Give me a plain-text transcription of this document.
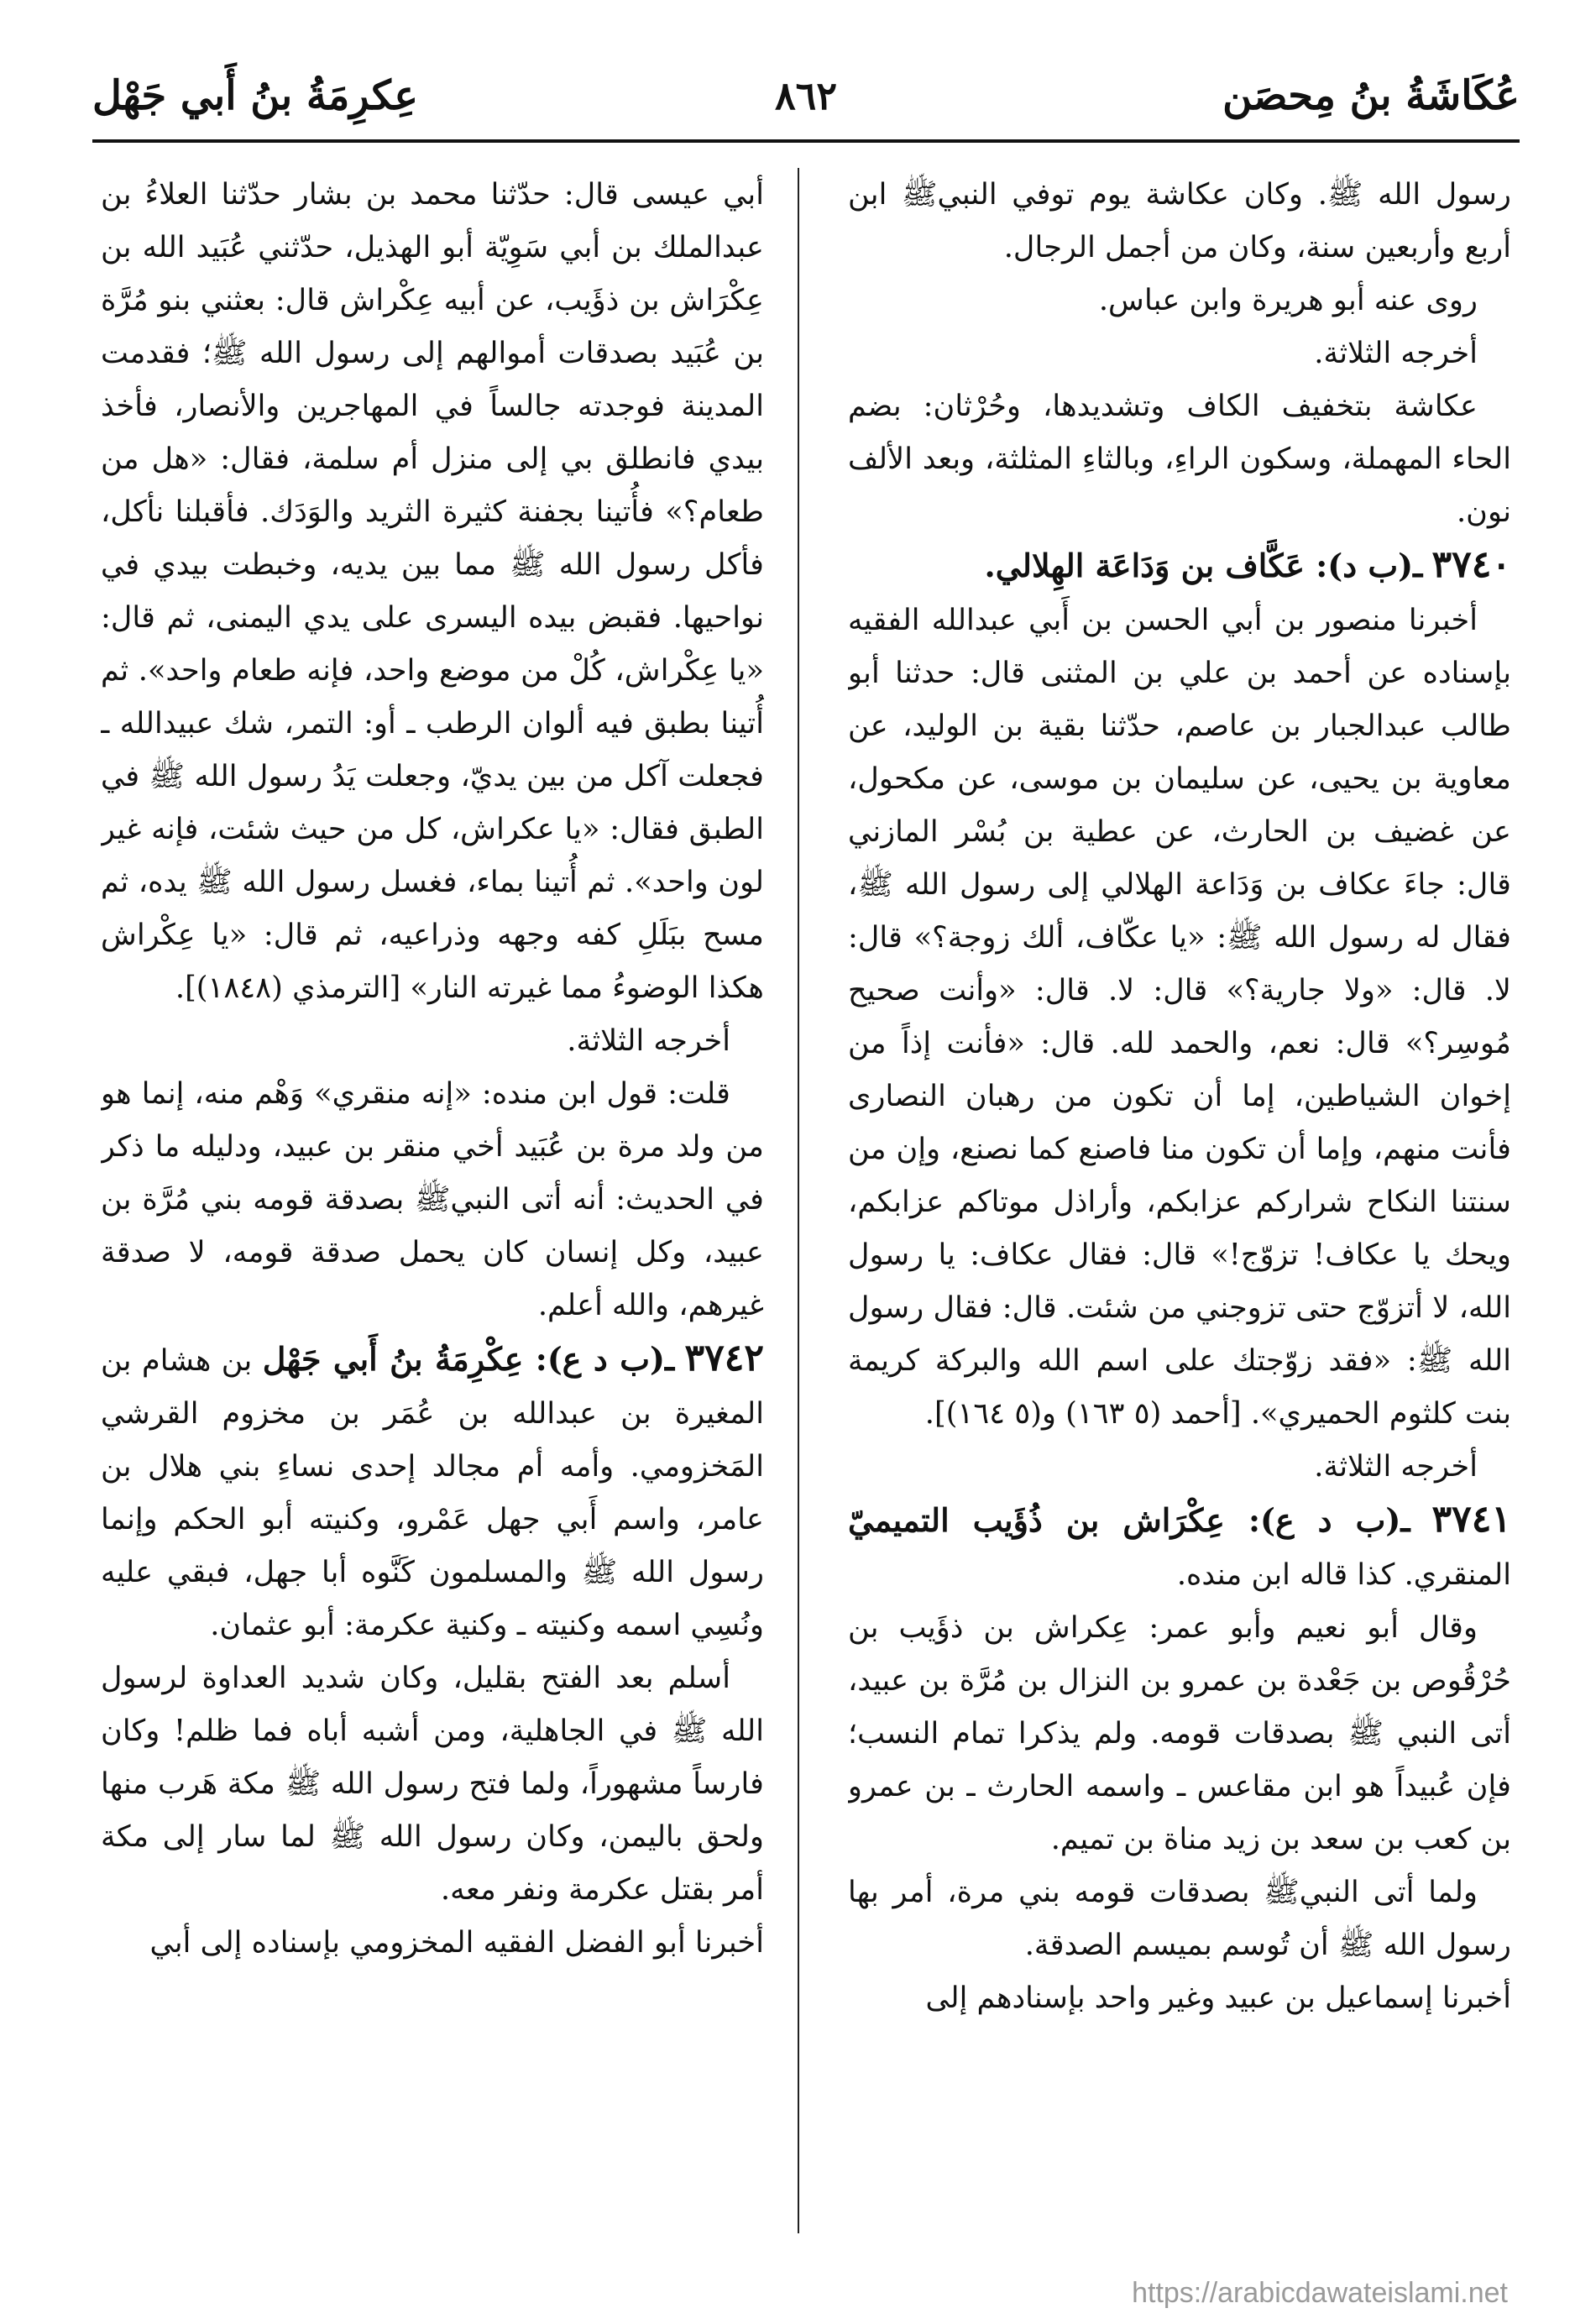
عِكرِمَةُ بنُ أَبي جَهْل	٨٦٢	عُكَاشَةُ بنُ مِحصَن

رسول الله ﷺ. وكان عكاشة يوم توفي النبيﷺ ابن أربع وأربعين سنة، وكان من أجمل الرجال.

روى عنه أبو هريرة وابن عباس.

أخرجه الثلاثة.

عكاشة بتخفيف الكاف وتشديدها، وحُرْثان: بضم الحاء المهملة، وسكون الراءِ، وبالثاءِ المثلثة، وبعد الألف نون.

٣٧٤٠ ـ(ب د): عَكَّاف بن وَدَاعَة الهِلالي.

أخبرنا منصور بن أبي الحسن بن أَبي عبدالله الفقيه بإسناده عن أحمد بن علي بن المثنى قال: حدثنا أبو طالب عبدالجبار بن عاصم، حدّثنا بقية بن الوليد، عن معاوية بن يحيى، عن سليمان بن موسى، عن مكحول، عن غضيف بن الحارث، عن عطية بن بُسْر المازني قال: جاءَ عكاف بن وَدَاعة الهلالي إلى رسول الله ﷺ، فقال له رسول الله ﷺ: «يا عكّاف، ألك زوجة؟» قال: لا. قال: «ولا جارية؟» قال: لا. قال: «وأنت صحيح مُوسِر؟» قال: نعم، والحمد لله. قال: «فأنت إذاً من إخوان الشياطين، إما أن تكون من رهبان النصارى فأنت منهم، وإما أن تكون منا فاصنع كما نصنع، وإن من سنتنا النكاح شراركم عزابكم، وأراذل موتاكم عزابكم، ويحك يا عكاف! تزوّج!» قال: فقال عكاف: يا رسول الله، لا أتزوّج حتى تزوجني من شئت. قال: فقال رسول الله ﷺ: «فقد زوّجتك على اسم الله والبركة كريمة بنت كلثوم الحميري». [أحمد (٥ ١٦٣) و(٥ ١٦٤)].

أخرجه الثلاثة.

٣٧٤١ ـ(ب د ع): عِكْرَاش بن ذُؤَيب التميميّ المنقري. كذا قاله ابن منده.

وقال أبو نعيم وأبو عمر: عِكراش بن ذؤَيب بن حُرْقُوص بن جَعْدة بن عمرو بن النزال بن مُرَّة بن عبيد، أتى النبي ﷺ بصدقات قومه. ولم يذكرا تمام النسب؛ فإن عُبيداً هو ابن مقاعس ـ واسمه الحارث ـ بن عمرو بن كعب بن سعد بن زيد مناة بن تميم.

ولما أتى النبيﷺ بصدقات قومه بني مرة، أمر بها رسول الله ﷺ أن تُوسم بميسم الصدقة.

أخبرنا إسماعيل بن عبيد وغير واحد بإسنادهم إلى

أبي عيسى قال: حدّثنا محمد بن بشار حدّثنا العلاءُ بن عبدالملك بن أبي سَوِيّة أبو الهذيل، حدّثني عُبَيد الله بن عِكْرَاش بن ذؤَيب، عن أبيه عِكْراش قال: بعثني بنو مُرَّة بن عُبَيد بصدقات أموالهم إلى رسول الله ﷺ؛ فقدمت المدينة فوجدته جالساً في المهاجرين والأنصار، فأخذ بيدي فانطلق بي إلى منزل أم سلمة، فقال: «هل من طعام؟» فأُتينا بجفنة كثيرة الثريد والوَدَك. فأقبلنا نأكل، فأكل رسول الله ﷺ مما بين يديه، وخبطت بيدي في نواحيها. فقبض بيده اليسرى على يدي اليمنى، ثم قال: «يا عِكْراش، كُلْ من موضع واحد، فإنه طعام واحد». ثم أُتينا بطبق فيه ألوان الرطب ـ أو: التمر، شك عبيدالله ـ فجعلت آكل من بين يديّ، وجعلت يَدُ رسول الله ﷺ في الطبق فقال: «يا عكراش، كل من حيث شئت، فإنه غير لون واحد». ثم أُتينا بماء، فغسل رسول الله ﷺ يده، ثم مسح ببَلَلِ كفه وجهه وذراعيه، ثم قال: «يا عِكْراش هكذا الوضوءُ مما غيرته النار» [الترمذي (١٨٤٨)].

أخرجه الثلاثة.

قلت: قول ابن منده: «إنه منقري» وَهْم منه، إنما هو من ولد مرة بن عُبَيد أخي منقر بن عبيد، ودليله ما ذكر في الحديث: أنه أتى النبيﷺ بصدقة قومه بني مُرَّة بن عبيد، وكل إنسان كان يحمل صدقة قومه، لا صدقة غيرهم، والله أعلم.

٣٧٤٢ ـ(ب د ع): عِكْرِمَةُ بنُ أَبي جَهْل بن هشام بن المغيرة بن عبدالله بن عُمَر بن مخزوم القرشي المَخزومي. وأمه أم مجالد إحدى نساءِ بني هلال بن عامر، واسم أَبي جهل عَمْرو، وكنيته أبو الحكم وإنما رسول الله ﷺ والمسلمون كَنَّوه أبا جهل، فبقي عليه ونُسِي اسمه وكنيته ـ وكنية عكرمة: أبو عثمان.

أسلم بعد الفتح بقليل، وكان شديد العداوة لرسول الله ﷺ في الجاهلية، ومن أشبه أباه فما ظلم! وكان فارساً مشهوراً، ولما فتح رسول الله ﷺ مكة هَرب منها ولحق باليمن، وكان رسول الله ﷺ لما سار إلى مكة أمر بقتل عكرمة ونفر معه.

أخبرنا أبو الفضل الفقيه المخزومي بإسناده إلى أبي

https://arabicdawateislami.net
